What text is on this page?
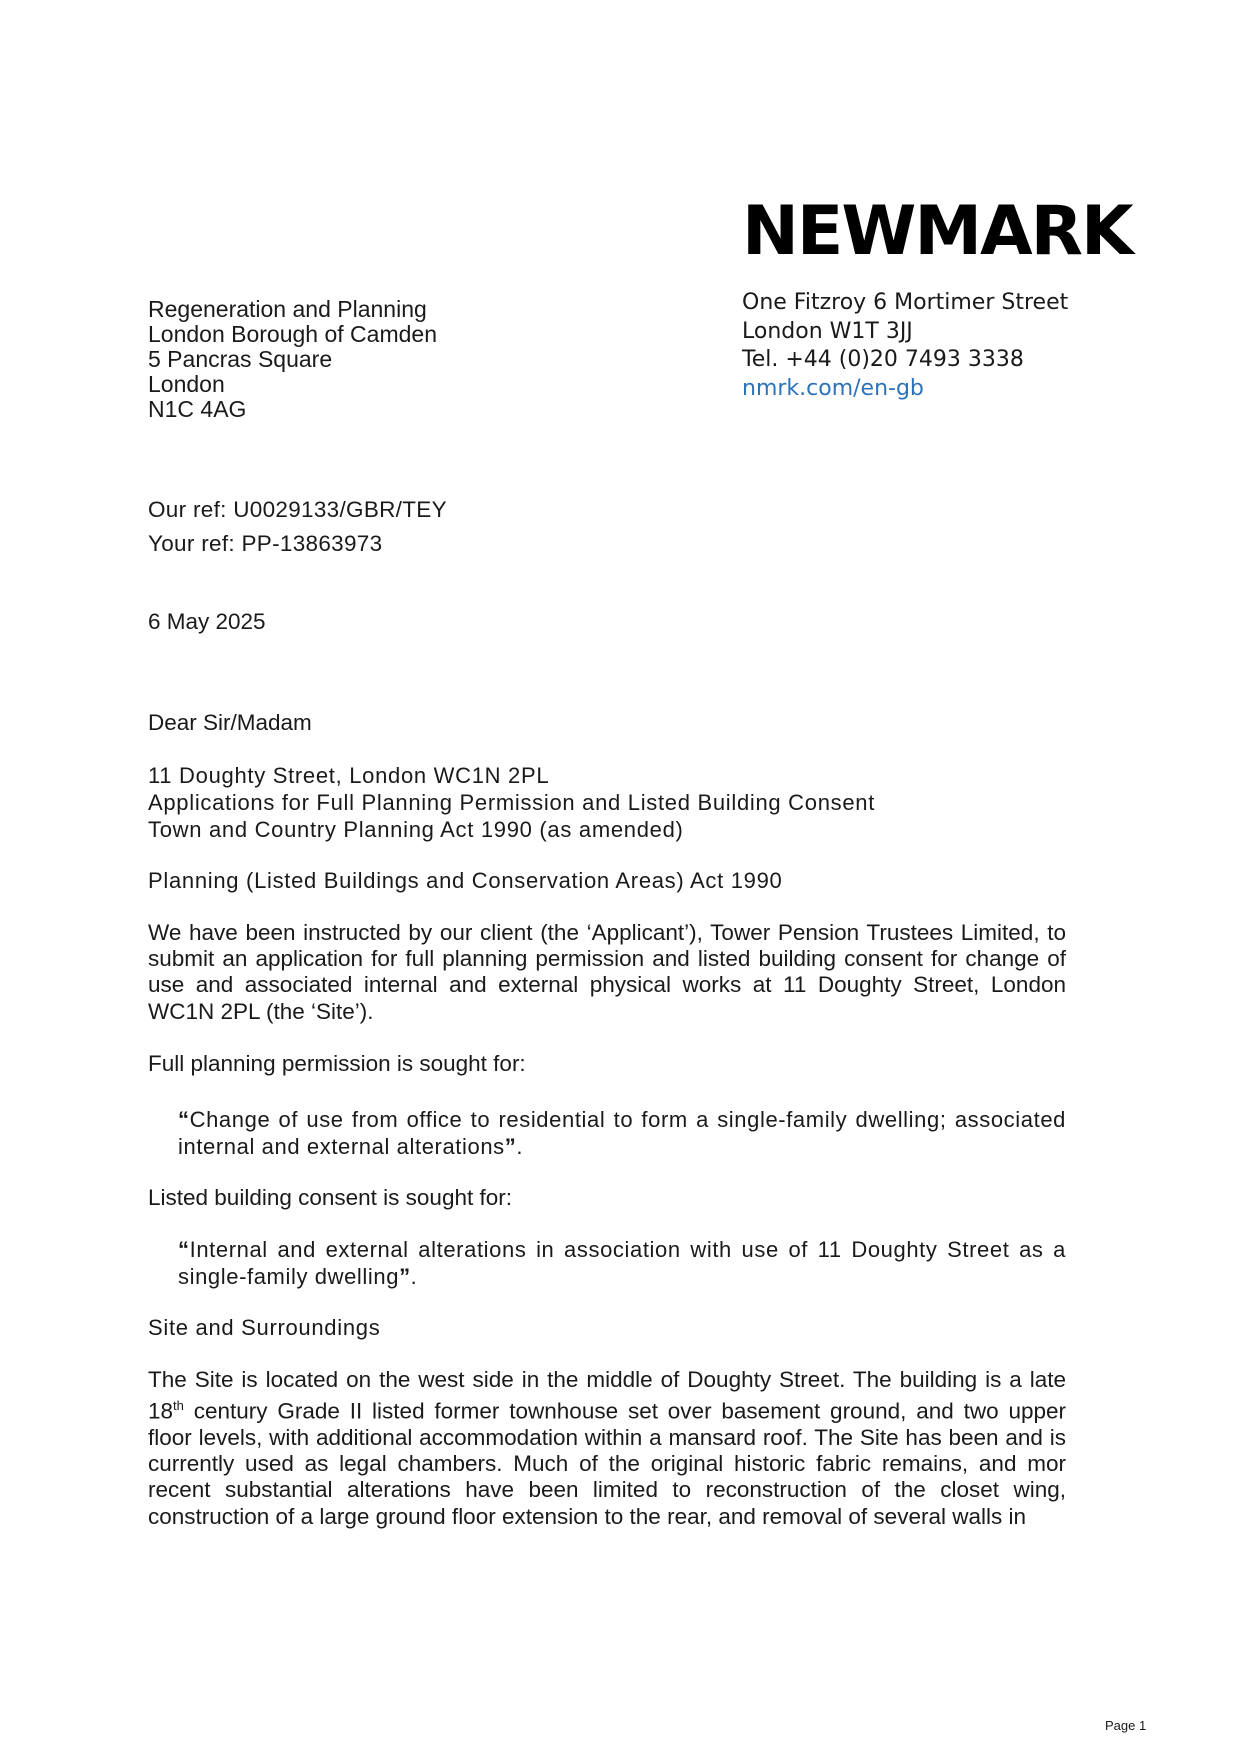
NEWMARK
One Fitzroy 6 Mortimer Street
London W1T 3JJ
Tel. +44 (0)20 7493 3338
nmrk.com/en-gb
Regeneration and Planning
London Borough of Camden
5 Pancras Square
London
N1C 4AG
Our ref: U0029133/GBR/TEY
Your ref: PP-13863973
6 May 2025
Dear Sir/Madam
11 Doughty Street, London WC1N 2PL
Applications for Full Planning Permission and Listed Building Consent
Town and Country Planning Act 1990 (as amended)
Planning (Listed Buildings and Conservation Areas) Act 1990
We have been instructed by our client (the ‘Applicant’), Tower Pension Trustees Limited, to submit an application for full planning permission and listed building consent for change of use and associated internal and external physical works at 11 Doughty Street, London WC1N 2PL (the ‘Site’).
Full planning permission is sought for:
“Change of use from office to residential to form a single-family dwelling; associated internal and external alterations”.
Listed building consent is sought for:
“Internal and external alterations in association with use of 11 Doughty Street as a single-family dwelling”.
Site and Surroundings
The Site is located on the west side in the middle of Doughty Street. The building is a late 18th century Grade II listed former townhouse set over basement ground, and two upper floor levels, with additional accommodation within a mansard roof. The Site has been and is currently used as legal chambers. Much of the original historic fabric remains, and mor recent substantial alterations have been limited to reconstruction of the closet wing, construction of a large ground floor extension to the rear, and removal of several walls in
Page 1
